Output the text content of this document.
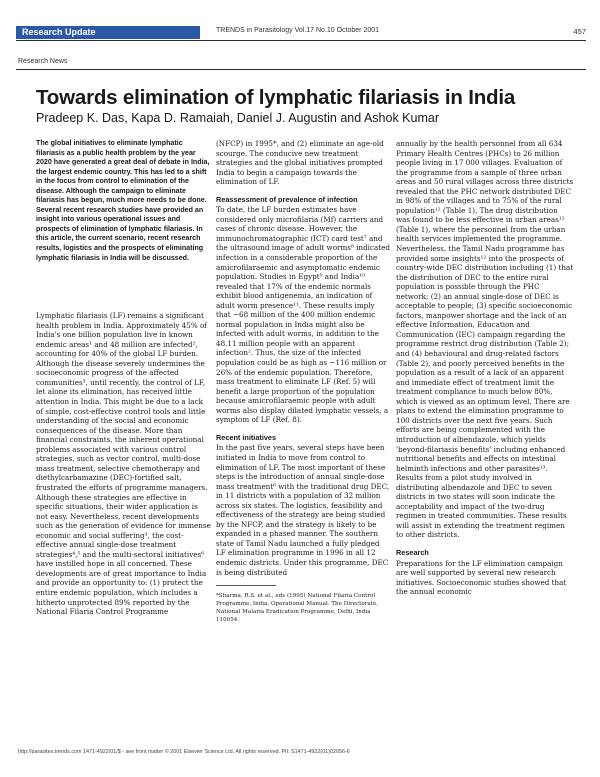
Research Update	TRENDS in Parasitology Vol.17 No.10 October 2001	457
Research News
Towards elimination of lymphatic filariasis in India
Pradeep K. Das, Kapa D. Ramaiah, Daniel J. Augustin and Ashok Kumar

The global initiatives to eliminate lymphatic filariasis as a public health problem by the year 2020 have generated a great deal of debate in India, the largest endemic country. This has led to a shift in the focus from control to elimination of the disease. Although the campaign to eliminate filariasis has begun, much more needs to be done. Several recent research studies have provided an insight into various operational issues and prospects of elimination of lymphatic filariasis. In this article, the current scenario, recent research results, logistics and the prospects of eliminating lymphatic filariasis in India will be discussed.

Lymphatic filariasis (LF) remains a significant health problem in India. Approximately 45% of India's one billion population live in known endemic areas¹ and 48 million are infected², accounting for 40% of the global LF burden. Although the disease severely undermines the socioeconomic progress of the affected communities³, until recently, the control of LF, let alone its elimination, has received little attention in India. This might be due to a lack of simple, cost-effective control tools and little understanding of the social and economic consequences of the disease. More than financial constraints, the inherent operational problems associated with various control strategies, such as vector control, multi-dose mass treatment, selective chemotherapy and diethylcarbamazine (DEC)-fortified salt, frustrated the efforts of programme managers. Although these strategies are effective in specific situations, their wider application is not easy. Nevertheless, recent developments such as the generation of evidence for immense economic and social suffering³, the cost-effective annual single-dose treatment strategies⁴,⁵ and the multi-sectoral initiatives⁶ have instilled hope in all concerned. These developments are of great importance to India and provide an opportunity to: (1) protect the entire endemic population, which includes a hitherto unprotected 89% reported by the National Filaria Control Programme

(NFCP) in 1995*, and (2) eliminate an age-old scourge. The conducive new treatment strategies and the global initiatives prompted India to begin a campaign towards the elimination of LF.

Reassessment of prevalence of infection

To date, the LF burden estimates have considered only microfilaria (Mf) carriers and cases of chronic disease. However, the immunochromatographic (ICT) card test⁷ and the ultrasound image of adult worms⁸ indicated infection in a considerable proportion of the amicrofilaraemic and asymptomatic endemic population. Studies in Egypt⁹ and India¹⁰ revealed that 17% of the endemic normals exhibit blood antigenemia, an indication of adult worm presence¹¹. These results imply that ~68 million of the 400 million endemic normal population in India might also be infected with adult worms, in addition to the 48.11 million people with an apparent infection². Thus, the size of the infected population could be as high as ~116 million or 26% of the endemic population. Therefore, mass treatment to eliminate LF (Ref. 5) will benefit a large proportion of the population because amicrofilaraemic people with adult worms also display dilated lymphatic vessels, a symptom of LF (Ref. 8).

Recent initiatives

In the past five years, several steps have been initiated in India to move from control to elimination of LF. The most important of these steps is the introduction of annual single-dose mass treatment⁶ with the traditional drug DEC, in 11 districts with a population of 32 million across six states. The logistics, feasibility and effectiveness of the strategy are being studied by the NFCP, and the strategy is likely to be expanded in a phased manner. The southern state of Tamil Nadu launched a fully pledged LF elimination programme in 1996 in all 12 endemic districts. Under this programme, DEC is being distributed

*Sharma, R.S. et al., eds (1995) National Filaria Control Programme, India. Operational Manual. The Directorate, National Malaria Eradication Programme, Delhi, India 110054.

annually by the health personnel from all 634 Primary Health Centres (PHCs) to 26 million people living in 17 000 villages. Evaluation of the programme from a sample of three urban areas and 50 rural villages across three districts revealed that the PHC network distributed DEC in 98% of the villages and to 75% of the rural population¹² (Table 1). The drug distribution was found to be less effective in urban areas¹² (Table 1), where the personnel from the urban health services implemented the programme. Nevertheless, the Tamil Nadu programme has provided some insights¹² into the prospects of country-wide DEC distribution including (1) that the distribution of DEC to the entire rural population is possible through the PHC network; (2) an annual single-dose of DEC is acceptable to people; (3) specific socioeconomic factors, manpower shortage and the lack of an effective Information, Education and Communication (IEC) campaign regarding the programme restrict drug distribution (Table 2); and (4) behavioural and drug-related factors (Table 2), and poorly perceived benefits in the population as a result of a lack of an apparent and immediate effect of treatment limit the treatment compliance to much below 80%, which is viewed as an optimum level. There are plans to extend the elimination programme to 100 districts over the next five years. Such efforts are being complemented with the introduction of albendazole, which yields 'beyond-filariasis benefits' including enhanced nutritional benefits and effects on intestinal helminth infections and other parasites¹³. Results from a pilot study involved in distributing albendazole and DEC to seven districts in two states will soon indicate the acceptability and impact of the two-drug regimen in treated communities. These results will assist in extending the treatment regimen to other districts.

Research

Preparations for the LF elimination campaign are well supported by several new research initiatives. Socioeconomic studies showed that the annual economic

http://parasites.trends.com 1471-4922/01/$ - see front matter © 2001 Elsevier Science Ltd. All rights reserved. PII: S1471-4922(01)02056-6
